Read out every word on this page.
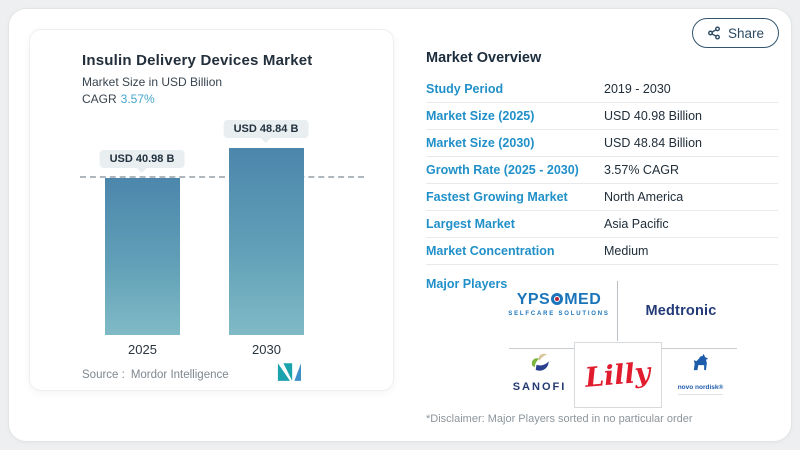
Insulin Delivery Devices Market
Market Size in USD Billion
CAGR 3.57%
USD 40.98 B
USD 48.84 B
2025	2030
Source : Mordor Intelligence
Share
Market Overview
Study Period	2019 - 2030
Market Size (2025)	USD 40.98 Billion
Market Size (2030)	USD 48.84 Billion
Growth Rate (2025 - 2030)	3.57% CAGR
Fastest Growing Market	North America
Largest Market	Asia Pacific
Market Concentration	Medium
Major Players
YPS MED
SELFCARE SOLUTIONS	Medtronic
Lilly
SANOFI	novo nordisk®
*Disclaimer: Major Players sorted in no particular order
